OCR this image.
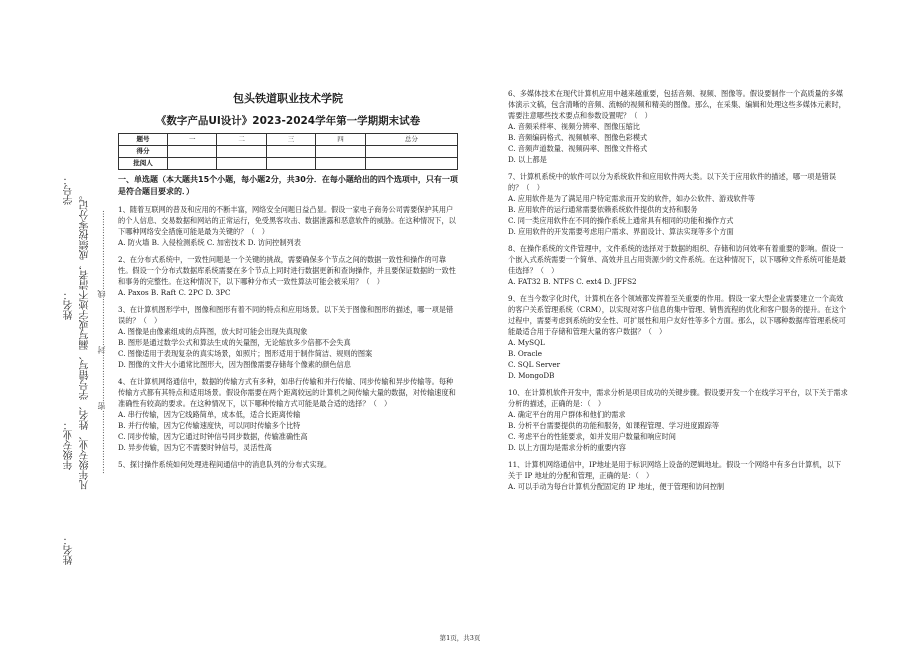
学号：
姓名：
年级专业： 凡年级专业、姓名、学号错写、漏写或字迹不清者，成绩按零分记。 ……………………密………………封………………线…………………………
姓名：
包头铁道职业技术学院
《数字产品UI设计》2023-2024学年第一学期期末试卷
题号	一	二	三	四	总分
得分					
批阅人					
一、单选题（本大题共15个小题，每小题2分，共30分．在每小题给出的四个选项中，只有一项是符合题目要求的．）

1、随着互联网的普及和应用的不断丰富，网络安全问题日益凸显。假设一家电子商务公司需要保护其用户的个人信息、交易数据和网站的正常运行，免受黑客攻击、数据泄露和恶意软件的威胁。在这种情况下，以下哪种网络安全措施可能是最为关键的？（　）

A. 防火墙 B. 入侵检测系统 C. 加密技术 D. 访问控制列表

2、在分布式系统中，一致性问题是一个关键的挑战，需要确保多个节点之间的数据一致性和操作的可靠性。假设一个分布式数据库系统需要在多个节点上同时进行数据更新和查询操作，并且要保证数据的一致性和事务的完整性。在这种情况下，以下哪种分布式一致性算法可能会被采用？（　）

A. Paxos B. Raft C. 2PC D. 3PC

3、在计算机图形学中，图像和图形有着不同的特点和应用场景。以下关于图像和图形的描述，哪一项是错误的？（　）

A. 图像是由像素组成的点阵图，放大时可能会出现失真现象

B. 图形是通过数学公式和算法生成的矢量图，无论缩放多少倍都不会失真

C. 图像适用于表现复杂的真实场景，如照片；图形适用于制作简洁、规则的图案

D. 图像的文件大小通常比图形大，因为图像需要存储每个像素的颜色信息

4、在计算机网络通信中，数据的传输方式有多种，如串行传输和并行传输、同步传输和异步传输等。每种传输方式都有其特点和适用场景。假设你需要在两个距离较远的计算机之间传输大量的数据，对传输速度和准确性有较高的要求。在这种情况下，以下哪种传输方式可能是最合适的选择？（　）

A. 串行传输，因为它线路简单，成本低，适合长距离传输

B. 并行传输，因为它传输速度快，可以同时传输多个比特

C. 同步传输，因为它通过时钟信号同步数据，传输准确性高

D. 异步传输，因为它不需要时钟信号，灵活性高

5、探讨操作系统如何处理进程间通信中的消息队列的分布式实现。

6、多媒体技术在现代计算机应用中越来越重要，包括音频、视频、图像等。假设要制作一个高质量的多媒体演示文稿，包含清晰的音频、流畅的视频和精美的图像。那么，在采集、编辑和处理这些多媒体元素时，需要注意哪些技术要点和参数设置呢？（　）

A. 音频采样率、视频分辨率、图像压缩比

B. 音频编码格式、视频帧率、图像色彩模式

C. 音频声道数量、视频码率、图像文件格式

D. 以上都是

7、计算机系统中的软件可以分为系统软件和应用软件两大类。以下关于应用软件的描述，哪一项是错误的？（　）

A. 应用软件是为了满足用户特定需求而开发的软件，如办公软件、游戏软件等

B. 应用软件的运行通常需要依赖系统软件提供的支持和服务

C. 同一类应用软件在不同的操作系统上通常具有相同的功能和操作方式

D. 应用软件的开发需要考虑用户需求、界面设计、算法实现等多个方面

8、在操作系统的文件管理中，文件系统的选择对于数据的组织、存储和访问效率有着重要的影响。假设一个嵌入式系统需要一个简单、高效并且占用资源少的文件系统。在这种情况下，以下哪种文件系统可能是最佳选择？（　）

A. FAT32 B. NTFS C. ext4 D. JFFS2

9、在当今数字化时代，计算机在各个领域都发挥着至关重要的作用。假设一家大型企业需要建立一个高效的客户关系管理系统（CRM），以实现对客户信息的集中管理、销售流程的优化和客户服务的提升。在这个过程中，需要考虑到系统的安全性、可扩展性和用户友好性等多个方面。那么，以下哪种数据库管理系统可能最适合用于存储和管理大量的客户数据？（　）

A. MySQL

B. Oracle

C. SQL Server

D. MongoDB

10、在计算机软件开发中，需求分析是项目成功的关键步骤。假设要开发一个在线学习平台，以下关于需求分析的描述，正确的是：（　）

A. 确定平台的用户群体和他们的需求

B. 分析平台需要提供的功能和服务，如课程管理、学习进度跟踪等

C. 考虑平台的性能要求，如并发用户数量和响应时间

D. 以上方面均是需求分析的重要内容

11、计算机网络通信中，IP地址是用于标识网络上设备的逻辑地址。假设一个网络中有多台计算机，以下关于 IP 地址的分配和管理，正确的是：（　）

A. 可以手动为每台计算机分配固定的 IP 地址，便于管理和访问控制

第1页，共3页
